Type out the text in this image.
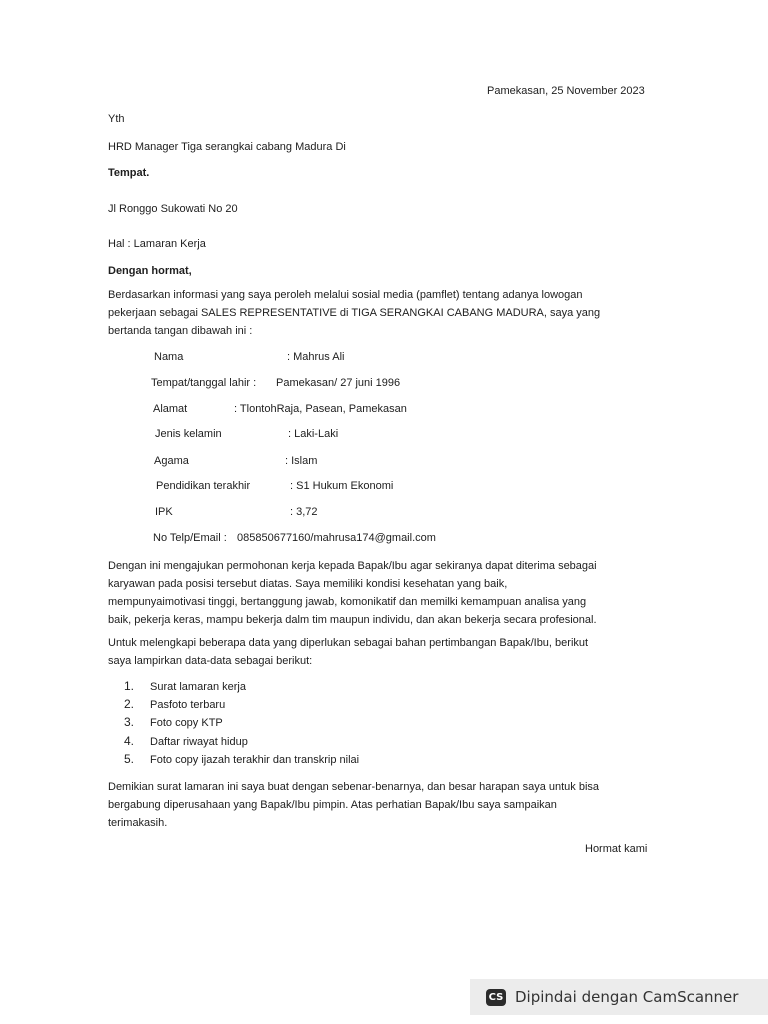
Pamekasan, 25 November 2023
Yth
HRD Manager Tiga serangkai cabang Madura Di
Tempat.
Jl Ronggo Sukowati No 20
Hal : Lamaran Kerja
Dengan hormat,
Berdasarkan informasi yang saya peroleh melalui sosial media (pamflet) tentang adanya lowogan
pekerjaan sebagai SALES REPRESENTATIVE di TIGA SERANGKAI CABANG MADURA, saya yang
bertanda tangan dibawah ini :
Nama	: Mahrus Ali
Tempat/tanggal lahir : Pamekasan/ 27 juni 1996
Alamat	: TlontohRaja, Pasean, Pamekasan
Jenis kelamin	: Laki-Laki
Agama	: Islam
Pendidikan terakhir	: S1 Hukum Ekonomi
IPK	: 3,72
No Telp/Email : 085850677160/mahrusa174@gmail.com
Dengan ini mengajukan permohonan kerja kepada Bapak/Ibu agar sekiranya dapat diterima sebagai
karyawan pada posisi tersebut diatas. Saya memiliki kondisi kesehatan yang baik,
mempunyaimotivasi tinggi, bertanggung jawab, komonikatif dan memilki kemampuan analisa yang
baik, pekerja keras, mampu bekerja dalm tim maupun individu, dan akan bekerja secara profesional.
Untuk melengkapi beberapa data yang diperlukan sebagai bahan pertimbangan Bapak/Ibu, berikut
saya lampirkan data-data sebagai berikut:
1. Surat lamaran kerja
2. Pasfoto terbaru
3. Foto copy KTP
4. Daftar riwayat hidup
5. Foto copy ijazah terakhir dan transkrip nilai
Demikian surat lamaran ini saya buat dengan sebenar-benarnya, dan besar harapan saya untuk bisa
bergabung diperusahaan yang Bapak/Ibu pimpin. Atas perhatian Bapak/Ibu saya sampaikan
terimakasih.
Hormat kami
CS Dipindai dengan CamScanner
